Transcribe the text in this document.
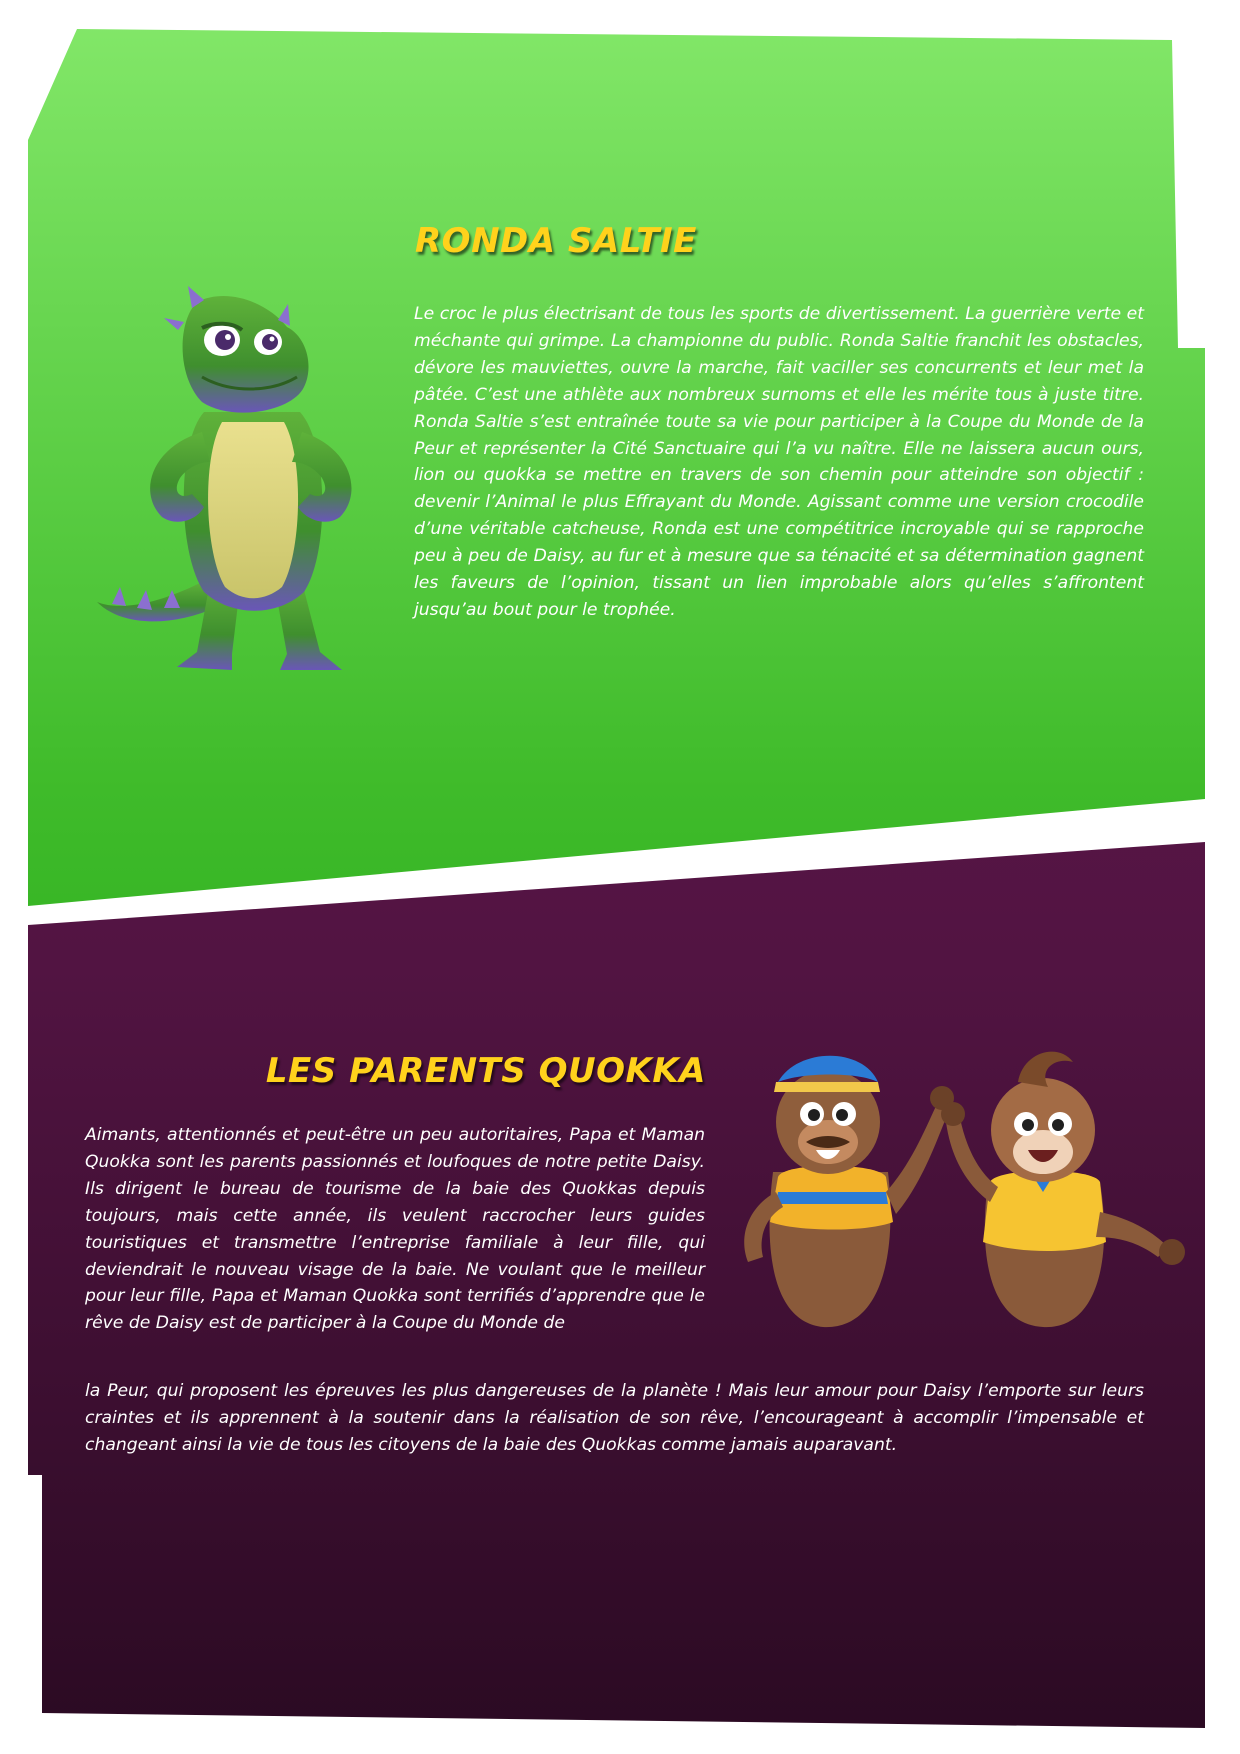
RONDA SALTIE

Le croc le plus électrisant de tous les sports de divertissement. La guerrière verte et méchante qui grimpe. La championne du public. Ronda Saltie franchit les obstacles, dévore les mauviettes, ouvre la marche, fait vaciller ses concurrents et leur met la pâtée. C’est une athlète aux nombreux surnoms et elle les mérite tous à juste titre. Ronda Saltie s’est entraînée toute sa vie pour participer à la Coupe du Monde de la Peur et représenter la Cité Sanctuaire qui l’a vu naître. Elle ne laissera aucun ours, lion ou quokka se mettre en travers de son chemin pour atteindre son objectif : devenir l’Animal le plus Effrayant du Monde. Agissant comme une version crocodile d’une véritable catcheuse, Ronda est une compétitrice incroyable qui se rapproche peu à peu de Daisy, au fur et à mesure que sa ténacité et sa détermination gagnent les faveurs de l’opinion, tissant un lien improbable alors qu’elles s’affrontent jusqu’au bout pour le trophée.

LES PARENTS QUOKKA

Aimants, attentionnés et peut-être un peu autoritaires, Papa et Maman Quokka sont les parents passionnés et loufoques de notre petite Daisy. Ils dirigent le bureau de tourisme de la baie des Quokkas depuis toujours, mais cette année, ils veulent raccrocher leurs guides touristiques et transmettre l’entreprise familiale à leur fille, qui deviendrait le nouveau visage de la baie. Ne voulant que le meilleur pour leur fille, Papa et Maman Quokka sont terrifiés d’apprendre que le rêve de Daisy est de participer à la Coupe du Monde de

la Peur, qui proposent les épreuves les plus dangereuses de la planète ! Mais leur amour pour Daisy l’emporte sur leurs craintes et ils apprennent à la soutenir dans la réalisation de son rêve, l’encourageant à accomplir l’impensable et changeant ainsi la vie de tous les citoyens de la baie des Quokkas comme jamais auparavant.
